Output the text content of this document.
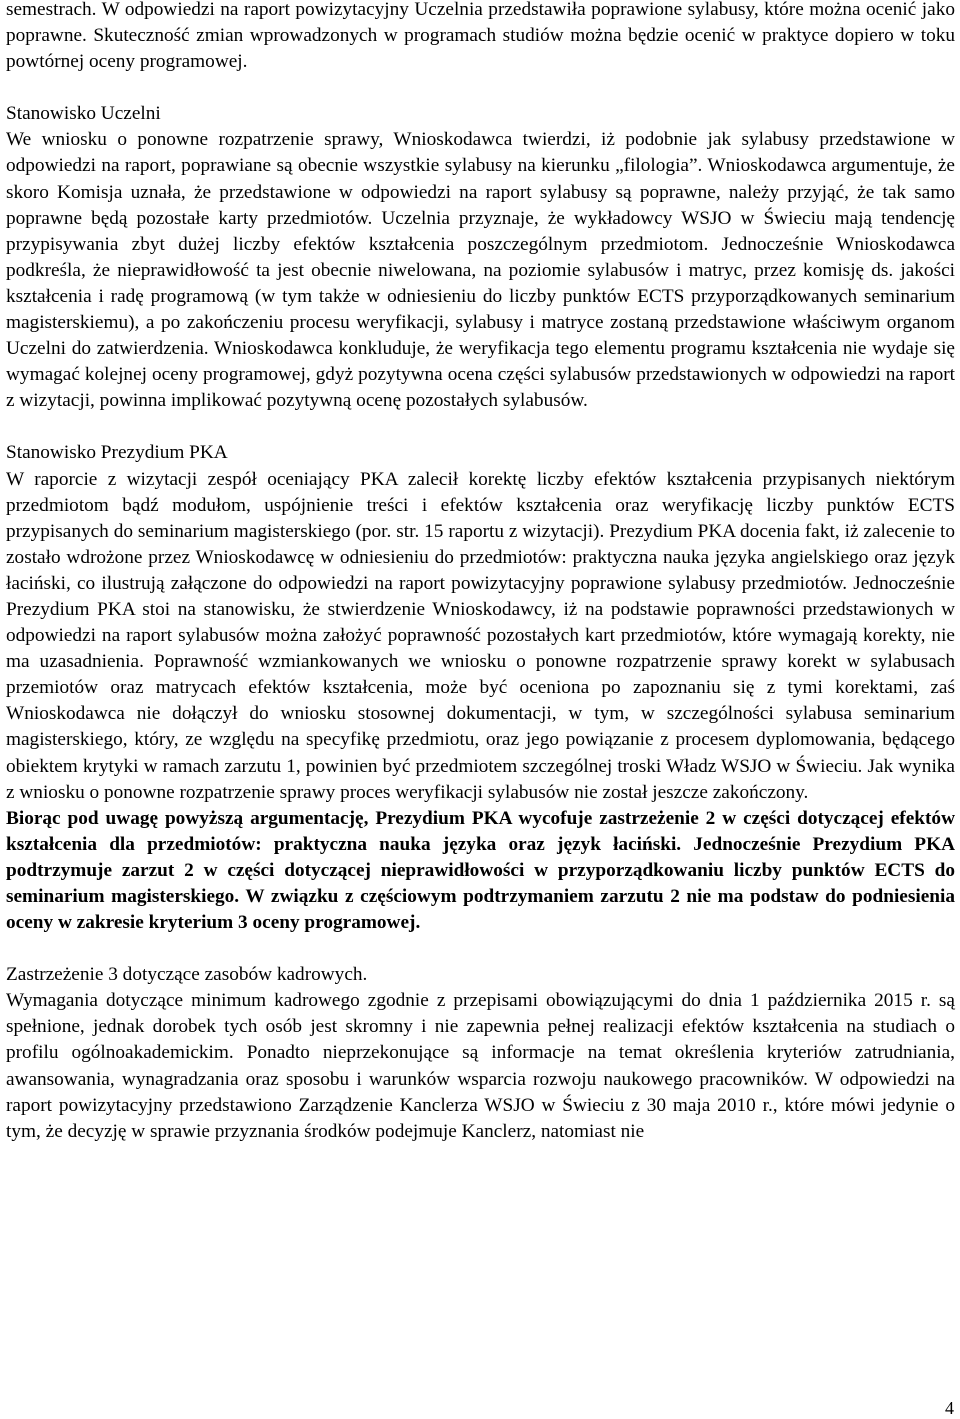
semestrach. W odpowiedzi na raport powizytacyjny Uczelnia przedstawiła poprawione sylabusy, które można ocenić jako poprawne. Skuteczność zmian wprowadzonych w programach studiów można będzie ocenić w praktyce dopiero w toku powtórnej oceny programowej.

Stanowisko Uczelni

We wniosku o ponowne rozpatrzenie sprawy, Wnioskodawca twierdzi, iż podobnie jak sylabusy przedstawione w odpowiedzi na raport, poprawiane są obecnie wszystkie sylabusy na kierunku „filologia”. Wnioskodawca argumentuje, że skoro Komisja uznała, że przedstawione w odpowiedzi na raport sylabusy są poprawne, należy przyjąć, że tak samo poprawne będą pozostałe karty przedmiotów. Uczelnia przyznaje, że wykładowcy WSJO w Świeciu mają tendencję przypisywania zbyt dużej liczby efektów kształcenia poszczególnym przedmiotom. Jednocześnie Wnioskodawca podkreśla, że nieprawidłowość ta jest obecnie niwelowana, na poziomie sylabusów i matryc, przez komisję ds. jakości kształcenia i radę programową (w tym także w odniesieniu do liczby punktów ECTS przyporządkowanych seminarium magisterskiemu), a po zakończeniu procesu weryfikacji, sylabusy i matryce zostaną przedstawione właściwym organom Uczelni do zatwierdzenia. Wnioskodawca konkluduje, że weryfikacja tego elementu programu kształcenia nie wydaje się wymagać kolejnej oceny programowej, gdyż pozytywna ocena części sylabusów przedstawionych w odpowiedzi na raport z wizytacji, powinna implikować pozytywną ocenę pozostałych sylabusów.

Stanowisko Prezydium PKA

W raporcie z wizytacji zespół oceniający PKA zalecił korektę liczby efektów kształcenia przypisanych niektórym przedmiotom bądź modułom, uspójnienie treści i efektów kształcenia oraz weryfikację liczby punktów ECTS przypisanych do seminarium magisterskiego (por. str. 15 raportu z wizytacji). Prezydium PKA docenia fakt, iż zalecenie to zostało wdrożone przez Wnioskodawcę w odniesieniu do przedmiotów: praktyczna nauka języka angielskiego oraz język łaciński, co ilustrują załączone do odpowiedzi na raport powizytacyjny poprawione sylabusy przedmiotów. Jednocześnie Prezydium PKA stoi na stanowisku, że stwierdzenie Wnioskodawcy, iż na podstawie poprawności przedstawionych w odpowiedzi na raport sylabusów można założyć poprawność pozostałych kart przedmiotów, które wymagają korekty, nie ma uzasadnienia. Poprawność wzmiankowanych we wniosku o ponowne rozpatrzenie sprawy korekt w sylabusach przemiotów oraz matrycach efektów kształcenia, może być oceniona po zapoznaniu się z tymi korektami, zaś Wnioskodawca nie dołączył do wniosku stosownej dokumentacji, w tym, w szczególności sylabusa seminarium magisterskiego, który, ze względu na specyfikę przedmiotu, oraz jego powiązanie z procesem dyplomowania, będącego obiektem krytyki w ramach zarzutu 1, powinien być przedmiotem szczególnej troski Władz WSJO w Świeciu. Jak wynika z wniosku o ponowne rozpatrzenie sprawy proces weryfikacji sylabusów nie został jeszcze zakończony.

Biorąc pod uwagę powyższą argumentację, Prezydium PKA wycofuje zastrzeżenie 2 w części dotyczącej efektów kształcenia dla przedmiotów: praktyczna nauka języka oraz język łaciński. Jednocześnie Prezydium PKA podtrzymuje zarzut 2 w części dotyczącej nieprawidłowości w przyporządkowaniu liczby punktów ECTS do seminarium magisterskiego. W związku z częściowym podtrzymaniem zarzutu 2 nie ma podstaw do podniesienia oceny w zakresie kryterium 3 oceny programowej.

Zastrzeżenie 3 dotyczące zasobów kadrowych.

Wymagania dotyczące minimum kadrowego zgodnie z przepisami obowiązującymi do dnia 1 października 2015 r. są spełnione, jednak dorobek tych osób jest skromny i nie zapewnia pełnej realizacji efektów kształcenia na studiach o profilu ogólnoakademickim. Ponadto nieprzekonujące są informacje na temat określenia kryteriów zatrudniania, awansowania, wynagradzania oraz sposobu i warunków wsparcia rozwoju naukowego pracowników. W odpowiedzi na raport powizytacyjny przedstawiono Zarządzenie Kanclerza WSJO w Świeciu z 30 maja 2010 r., które mówi jedynie o tym, że decyzję w sprawie przyznania środków podejmuje Kanclerz, natomiast nie

4
